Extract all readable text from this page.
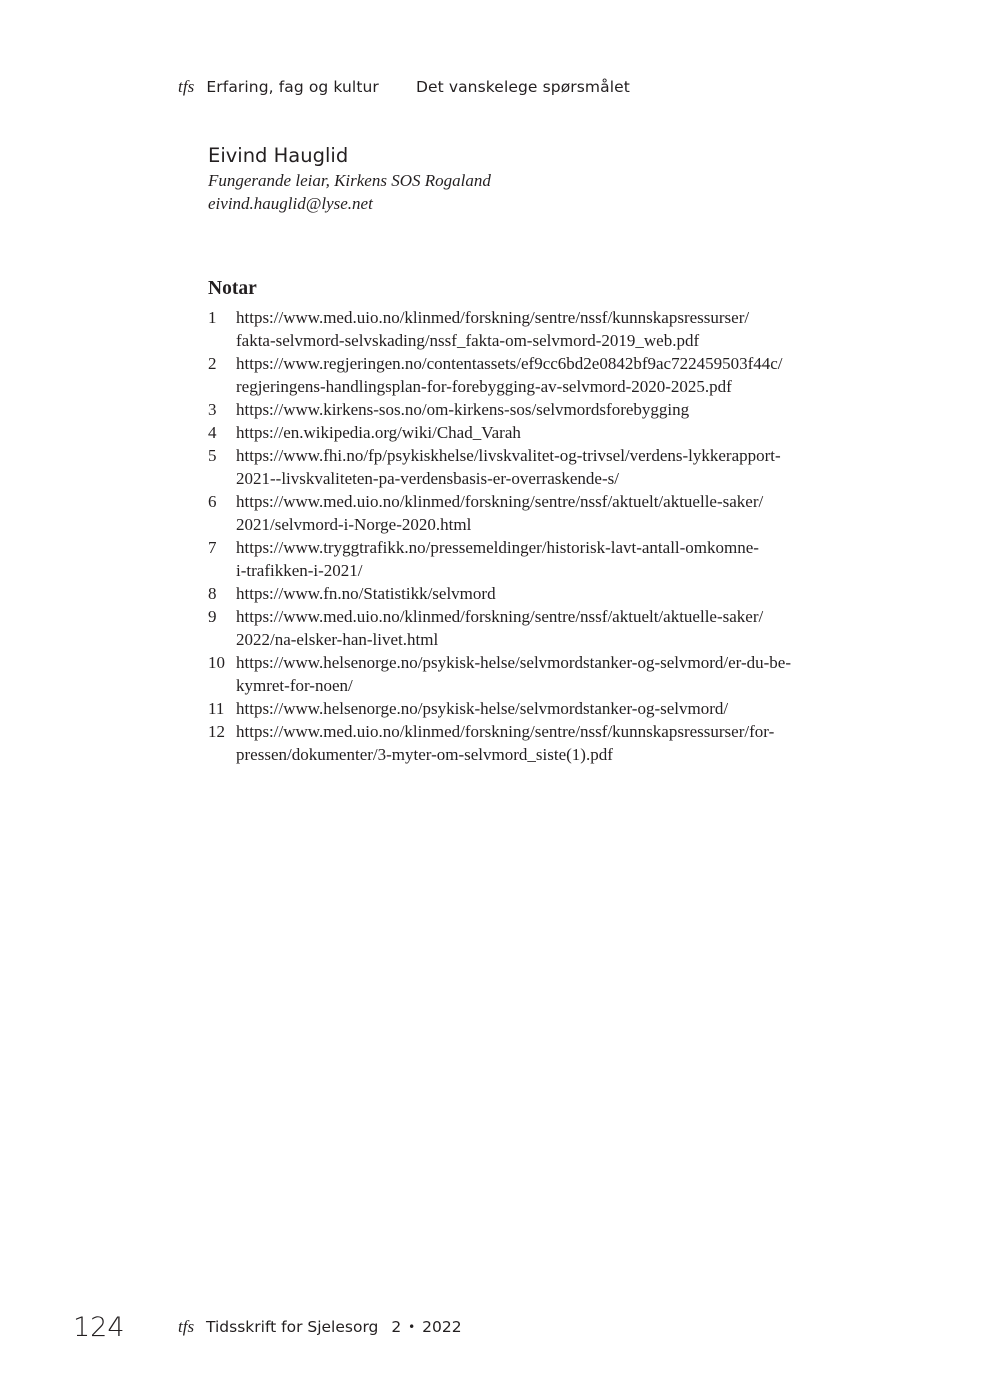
tfs Erfaring, fag og kultur Det vanskelege spørsmålet
Eivind Hauglid
Fungerande leiar, Kirkens SOS Rogaland
eivind.hauglid@lyse.net
Notar
1	https://www.med.uio.no/klinmed/forskning/sentre/nssf/kunnskapsressurser/
fakta-selvmord-selvskading/nssf_fakta-om-selvmord-2019_web.pdf
2	https://www.regjeringen.no/contentassets/ef9cc6bd2e0842bf9ac722459503f44c/
regjeringens-handlingsplan-for-forebygging-av-selvmord-2020-2025.pdf
3	https://www.kirkens-sos.no/om-kirkens-sos/selvmordsforebygging
4	https://en.wikipedia.org/wiki/Chad_Varah
5	https://www.fhi.no/fp/psykiskhelse/livskvalitet-og-trivsel/verdens-lykkerapport-
2021--livskvaliteten-pa-verdensbasis-er-overraskende-s/
6	https://www.med.uio.no/klinmed/forskning/sentre/nssf/aktuelt/aktuelle-saker/
2021/selvmord-i-Norge-2020.html
7	https://www.tryggtrafikk.no/pressemeldinger/historisk-lavt-antall-omkomne-
i-trafikken-i-2021/
8	https://www.fn.no/Statistikk/selvmord
9	https://www.med.uio.no/klinmed/forskning/sentre/nssf/aktuelt/aktuelle-saker/
2022/na-elsker-han-livet.html
10 https://www.helsenorge.no/psykisk-helse/selvmordstanker-og-selvmord/er-du-be-
kymret-for-noen/
11 https://www.helsenorge.no/psykisk-helse/selvmordstanker-og-selvmord/
12 https://www.med.uio.no/klinmed/forskning/sentre/nssf/kunnskapsressurser/for-
pressen/dokumenter/3-myter-om-selvmord_siste(1).pdf
124	tfs Tidsskrift for Sjelesorg 2 • 2022
